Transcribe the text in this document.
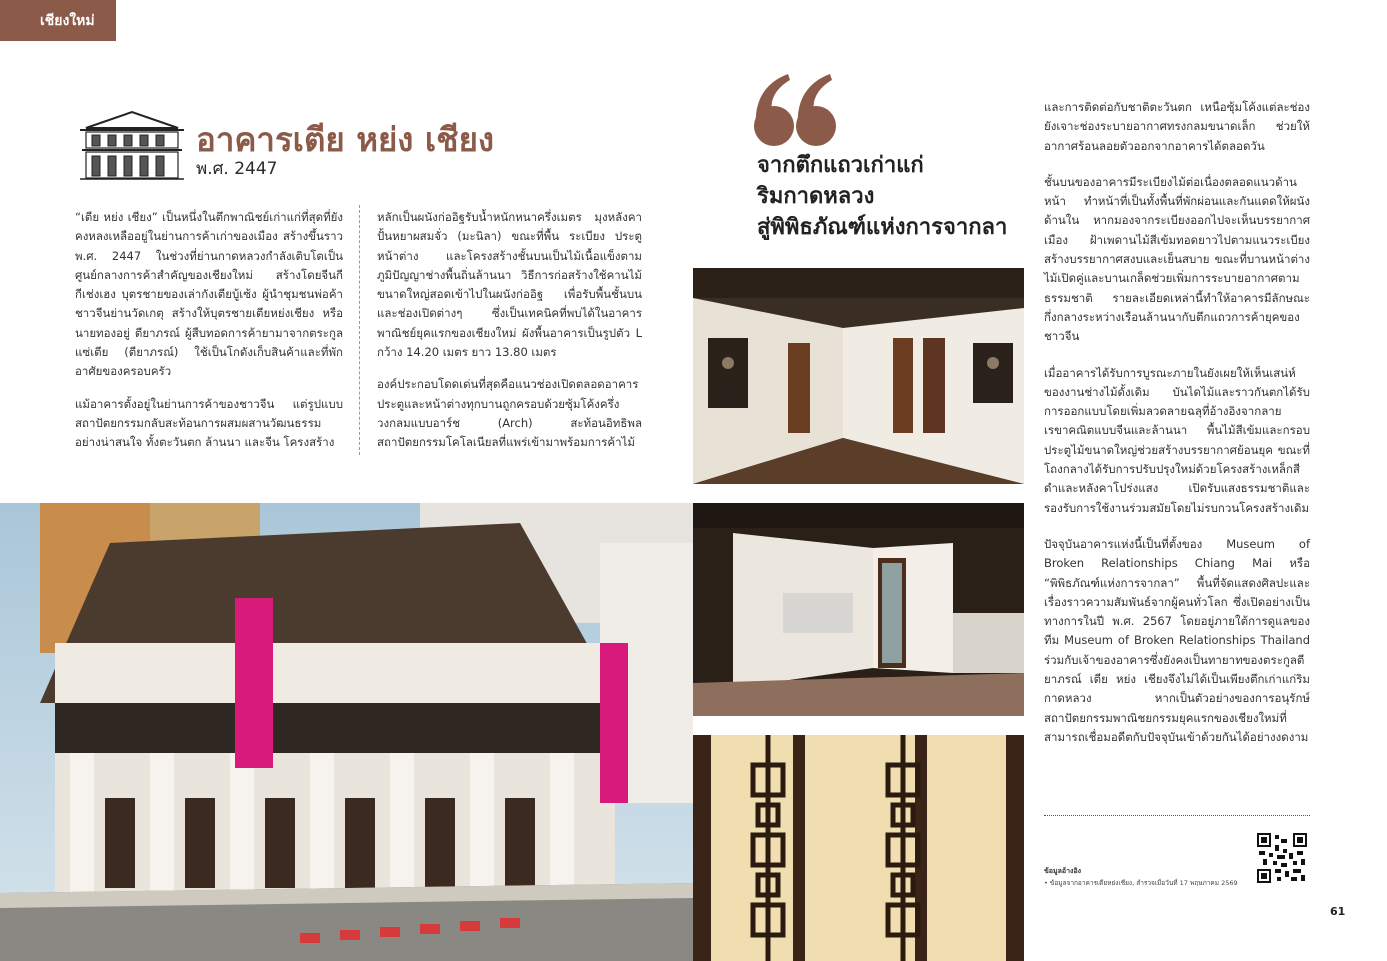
เชียงใหม่
อาคารเตีย หย่ง เชียง
พ.ศ. 2447

“เตีย หย่ง เชียง” เป็นหนึ่งในตึกพาณิชย์เก่าแก่ที่สุดที่ยังคงหลงเหลืออยู่ในย่านการค้าเก่าของเมือง สร้างขึ้นราว พ.ศ. 2447 ในช่วงที่ย่านกาดหลวงกำลังเติบโตเป็นศูนย์กลางการค้าสำคัญของเชียงใหม่ สร้างโดยจีนกี กีเช่งเฮง บุตรชายของเล่ากังเตียบู้เซ้ง ผู้นำชุมชนพ่อค้าชาวจีนย่านวัดเกตุ สร้างให้บุตรชายเตียหย่งเชียง หรือ นายทองอยู่ ตียาภรณ์ ผู้สืบทอดการค้ายามาจากตระกูลแซ่เตีย (ตียาภรณ์) ใช้เป็นโกดังเก็บสินค้าและที่พักอาศัยของครอบครัว

แม้อาคารตั้งอยู่ในย่านการค้าของชาวจีน แต่รูปแบบสถาปัตยกรรมกลับสะท้อนการผสมผสานวัฒนธรรมอย่างน่าสนใจ ทั้งตะวันตก ล้านนา และจีน โครงสร้าง

หลักเป็นผนังก่ออิฐรับน้ำหนักหนาครึ่งเมตร มุงหลังคาปั้นหยาผสมจั่ว (มะนิลา) ขณะที่พื้น ระเบียง ประตูหน้าต่าง และโครงสร้างชั้นบนเป็นไม้เนื้อแข็งตามภูมิปัญญาช่างพื้นถิ่นล้านนา วิธีการก่อสร้างใช้คานไม้ขนาดใหญ่สอดเข้าไปในผนังก่ออิฐ เพื่อรับพื้นชั้นบนและช่องเปิดต่างๆ ซึ่งเป็นเทคนิคที่พบได้ในอาคารพาณิชย์ยุคแรกของเชียงใหม่ ผังพื้นอาคารเป็นรูปตัว L กว้าง 14.20 เมตร ยาว 13.80 เมตร

องค์ประกอบโดดเด่นที่สุดคือแนวช่องเปิดตลอดอาคาร ประตูและหน้าต่างทุกบานถูกครอบด้วยซุ้มโค้งครึ่งวงกลมแบบอาร์ช (Arch) สะท้อนอิทธิพลสถาปัตยกรรมโคโลเนียลที่แพร่เข้ามาพร้อมการค้าไม้

จากตึกแถวเก่าแก่
ริมกาดหลวง
สู่พิพิธภัณฑ์แห่งการจากลา

และการติดต่อกับชาติตะวันตก เหนือซุ้มโค้งแต่ละช่องยังเจาะช่องระบายอากาศทรงกลมขนาดเล็ก ช่วยให้อากาศร้อนลอยตัวออกจากอาคารได้ตลอดวัน

ชั้นบนของอาคารมีระเบียงไม้ต่อเนื่องตลอดแนวด้านหน้า ทำหน้าที่เป็นทั้งพื้นที่พักผ่อนและกันแดดให้ผนังด้านใน หากมองจากระเบียงออกไปจะเห็นบรรยากาศเมือง ฝ้าเพดานไม้สีเข้มทอดยาวไปตามแนวระเบียง สร้างบรรยากาศสงบและเย็นสบาย ขณะที่บานหน้าต่างไม้เปิดคู่และบานเกล็ดช่วยเพิ่มการระบายอากาศตามธรรมชาติ รายละเอียดเหล่านี้ทำให้อาคารมีลักษณะกึ่งกลางระหว่างเรือนล้านนากับตึกแถวการค้ายุคของชาวจีน

เมื่ออาคารได้รับการบูรณะภายในยังเผยให้เห็นเสน่ห์ของงานช่างไม้ดั้งเดิม บันไดไม้และราวกันตกได้รับการออกแบบโดยเพิ่มลวดลายฉลุที่อ้างอิงจากลายเรขาคณิตแบบจีนและล้านนา พื้นไม้สีเข้มและกรอบประตูไม้ขนาดใหญ่ช่วยสร้างบรรยากาศย้อนยุค ขณะที่โถงกลางได้รับการปรับปรุงใหม่ด้วยโครงสร้างเหล็กสีดำและหลังคาโปร่งแสง เปิดรับแสงธรรมชาติและรองรับการใช้งานร่วมสมัยโดยไม่รบกวนโครงสร้างเดิม

ปัจจุบันอาคารแห่งนี้เป็นที่ตั้งของ Museum of Broken Relationships Chiang Mai หรือ “พิพิธภัณฑ์แห่งการจากลา” พื้นที่จัดแสดงศิลปะและเรื่องราวความสัมพันธ์จากผู้คนทั่วโลก ซึ่งเปิดอย่างเป็นทางการในปี พ.ศ. 2567 โดยอยู่ภายใต้การดูแลของทีม Museum of Broken Relationships Thailand ร่วมกับเจ้าของอาคารซึ่งยังคงเป็นทายาทของตระกูลตียาภรณ์ เตีย หย่ง เชียงจึงไม่ได้เป็นเพียงตึกเก่าแก่ริมกาดหลวง หากเป็นตัวอย่างของการอนุรักษ์สถาปัตยกรรมพาณิชยกรรมยุคแรกของเชียงใหม่ที่สามารถเชื่อมอดีตกับปัจจุบันเข้าด้วยกันได้อย่างงดงาม

ข้อมูลอ้างอิง
• ข้อมูลจากอาคารเตียหย่งเชียง, สำรวจเมื่อวันที่ 17 พฤษภาคม 2569
61
